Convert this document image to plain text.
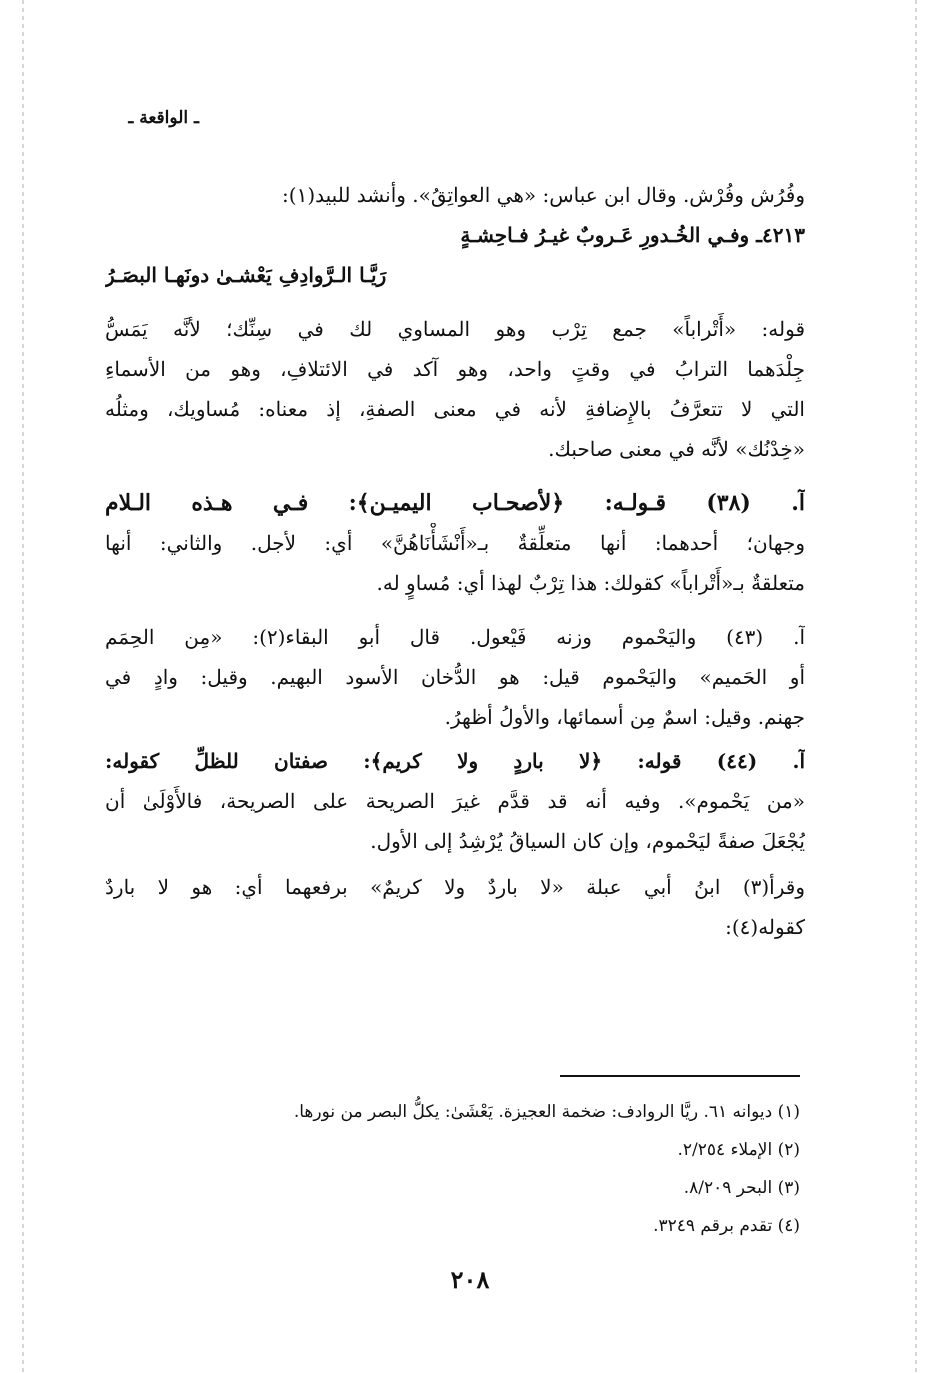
ـ الواقعة ـ
وفُرُش وفُرْش. وقال ابن عباس: «هي العواتِقُ». وأنشد للبيد(١):
٤٢١٣ـ وفـي الخُـدورِ عَـروبٌ غيـرُ فـاحِشـةٍ
رَيَّـا الـرَّوادِفِ يَعْشـىٰ دونَهـا البصَـرُ
قوله: «أَتْراباً» جمع تِرْب وهو المساوي لك في سِنِّك؛ لأنَّه يَمَسُّ
جِلْدَهما الترابُ في وقتٍ واحد، وهو آكد في الائتلافِ، وهو من الأسماءِ
التي لا تتعرَّفُ بالإِضافةِ لأنه في معنى الصفةِ، إذ معناه: مُساويك، ومثلُه
«خِدْنُك» لأنَّه في معنى صاحبك.
آ. (٣٨) قـولـه: ﴿لأصحـاب اليميـن﴾: فـي هـذه الـلام
وجهان؛ أحدهما: أنها متعلِّقةٌ بـ«أَنْشَأْنَاهُنَّ» أي: لأجل. والثاني: أنها
متعلقةٌ بـ«أَتْراباً» كقولك: هذا تِرْبٌ لهذا أي: مُساوٍ له.
آ. (٤٣) واليَحْموم وزنه فَيْعول. قال أبو البقاء(٢): «مِن الحِمَم
أو الحَميم» واليَحْموم قيل: هو الدُّخان الأسود البهيم. وقيل: وادٍ في
جهنم. وقيل: اسمٌ مِن أسمائها، والأولُ أظهرُ.
آ. (٤٤) قوله: ﴿لا باردٍ ولا كريم﴾: صفتان للظلِّ كقوله:
«من يَحْموم». وفيه أنه قد قدَّم غيرَ الصريحة على الصريحة، فالأَوْلَىٰ أن
يُجْعَلَ صفةً ليَحْموم، وإن كان السياقُ يُرْشِدُ إلى الأول.
وقرأ(٣) ابنُ أبي عبلة «لا باردٌ ولا كريمٌ» برفعهما أي: هو لا باردٌ
كقوله(٤):
(١) ديوانه ٦١. ريَّا الروادف: ضخمة العجيزة. يَعْشَىٰ: يكلُّ البصر من نورها.
(٢) الإملاء ٢/٢٥٤.
(٣) البحر ٨/٢٠٩.
(٤) تقدم برقم ٣٢٤٩.
٢٠٨
